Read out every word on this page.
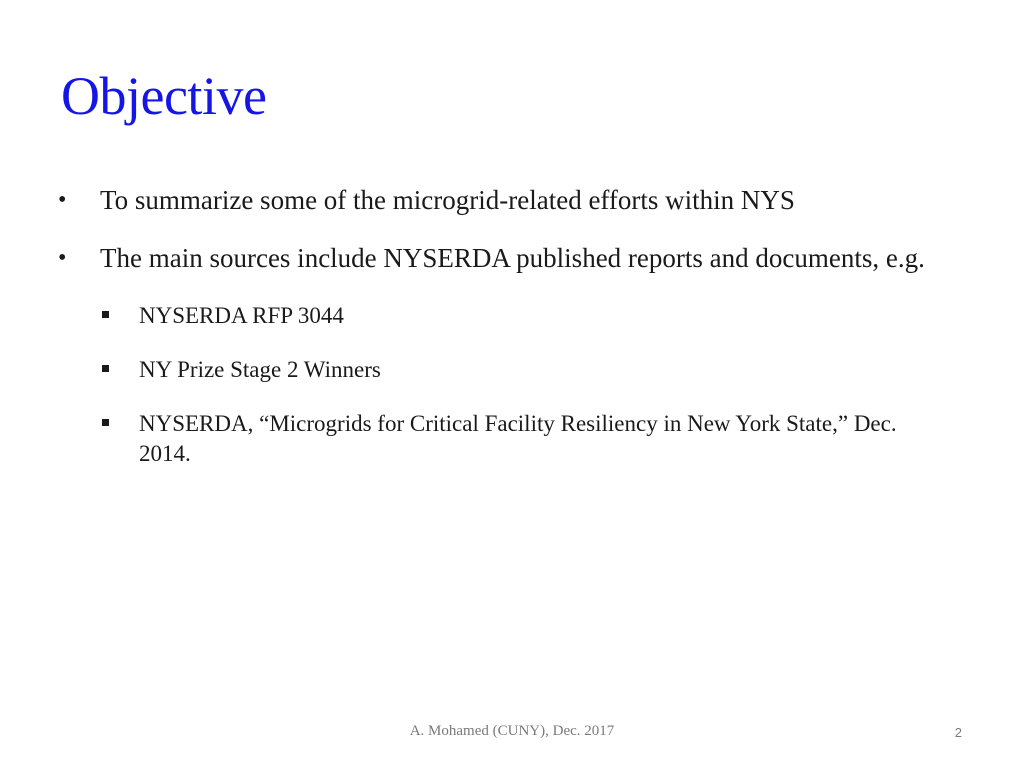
Objective
• To summarize some of the microgrid-related efforts within NYS
• The main sources include NYSERDA published reports and documents, e.g.
NYSERDA RFP 3044
NY Prize Stage 2 Winners
NYSERDA, “Microgrids for Critical Facility Resiliency in New York State,” Dec. 2014.
A. Mohamed (CUNY), Dec. 2017	2
